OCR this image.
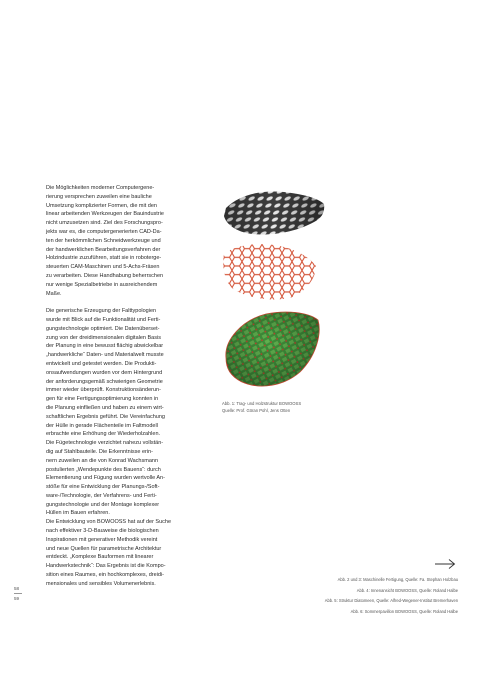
Die Möglichkeiten moderner Computergene-
rierung versprechen zuweilen eine bauliche
Umsetzung komplizierter Formen, die mit den
linear arbeitenden Werkzeugen der Bauindustrie
nicht umzusetzen sind. Ziel des Forschungspro-
jekts war es, die computergenerierten CAD-Da-
ten der herkömmlichen Schneidwerkzeuge und
der handwerklichen Bearbeitungsverfahren der
Holzindustrie zuzuführen, statt sie in roboterge-
steuerten CAM-Maschinen und 5-Achs-Fräsen
zu verarbeiten. Diese Handhabung beherrschen
nur wenige Spezialbetriebe in ausreichendem
Maße.

Die generische Erzeugung der Falttypologien
wurde mit Blick auf die Funktionalität und Ferti-
gungstechnologie optimiert. Die Datenüberset-
zung von der dreidimensionalen digitalen Basis
der Planung in eine bewusst flächig abwickelbar
„handwerkliche“ Daten- und Materialwelt musste
entwickelt und getestet werden. Die Produkti-
onsaufwendungen wurden vor dem Hintergrund
der anforderungsgemäß schwierigen Geometrie
immer wieder überprüft. Konstruktionsänderun-
gen für eine Fertigungsoptimierung konnten in
die Planung einfließen und haben zu einem wirt-
schaftlichen Ergebnis geführt. Die Vereinfachung
der Hülle in gerade Flächenteile im Faltmodell
erbrachte eine Erhöhung der Wiederholzahlen.
Die Fügetechnologie verzichtet nahezu vollstän-
dig auf Stahlbauteile. Die Erkenntnisse erin-
nern zuweilen an die von Konrad Wachsmann
postulierten „Wendepunkte des Bauens“: durch
Elementierung und Fügung wurden wertvolle An-
stöße für eine Entwicklung der Planungs-/Soft-
ware-/Technologie, der Verfahrens- und Ferti-
gungstechnologie und der Montage komplexer
Hüllen im Bauen erfahren.

Die Entwicklung von BOWOOSS hat auf der Suche
nach effektiver 3-D-Bauweise die biologischen
Inspirationen mit generativer Methodik vereint
und neue Quellen für parametrische Architektur
entdeckt. „Komplexe Bauformen mit linearer
Handwerkstechnik“: Das Ergebnis ist die Kompo-
sition eines Raumes, ein hochkomplexes, dreidi-
mensionales und sensibles Volumenerlebnis.

Abb. 1: Trag- und Holzstruktur BOWOOSS
Quelle: Prof. Göran Pohl, Jens Otten
58
59
Abb. 2 und 3: Maschinelle Fertigung, Quelle: Fa. Stephan Holzbau
Abb. 4: Innenansicht BOWOOSS, Quelle: Roland Halbe
Abb. 5: Struktur Diatomeen, Quelle: Alfred-Wegener-Institut Bremerhaven
Abb. 6: Sommerpavillon BOWOOSS, Quelle: Roland Halbe
